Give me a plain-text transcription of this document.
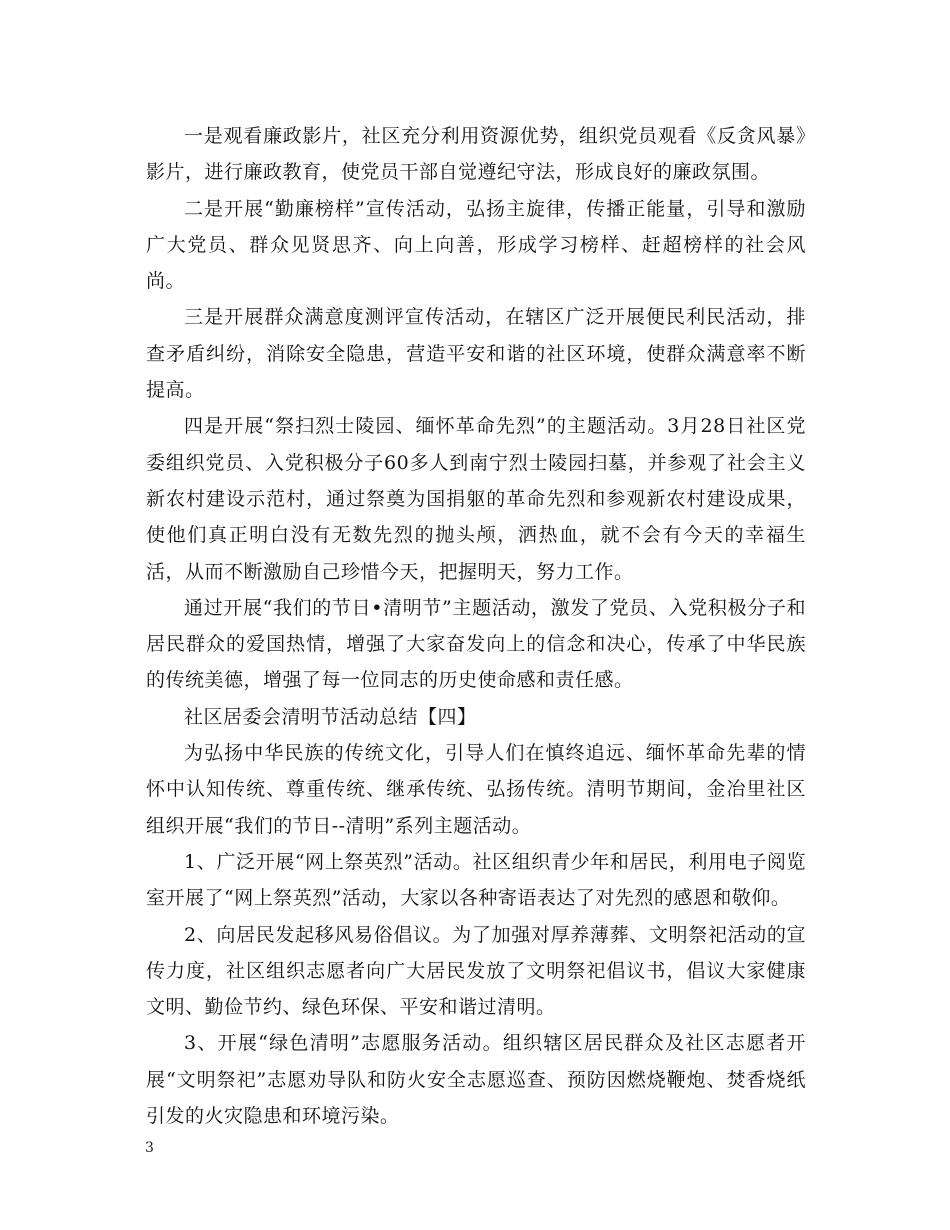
一是观看廉政影片，社区充分利用资源优势，组织党员观看《反贪风暴》影片，进行廉政教育，使党员干部自觉遵纪守法，形成良好的廉政氛围。

二是开展“勤廉榜样”宣传活动，弘扬主旋律，传播正能量，引导和激励广大党员、群众见贤思齐、向上向善，形成学习榜样、赶超榜样的社会风尚。

三是开展群众满意度测评宣传活动，在辖区广泛开展便民利民活动，排查矛盾纠纷，消除安全隐患，营造平安和谐的社区环境，使群众满意率不断提高。

四是开展“祭扫烈士陵园、缅怀革命先烈”的主题活动。3月28日社区党委组织党员、入党积极分子60多人到南宁烈士陵园扫墓，并参观了社会主义新农村建设示范村，通过祭奠为国捐躯的革命先烈和参观新农村建设成果，使他们真正明白没有无数先烈的抛头颅，洒热血，就不会有今天的幸福生活，从而不断激励自己珍惜今天，把握明天，努力工作。

通过开展“我们的节日•清明节”主题活动，激发了党员、入党积极分子和居民群众的爱国热情，增强了大家奋发向上的信念和决心，传承了中华民族的传统美德，增强了每一位同志的历史使命感和责任感。

社区居委会清明节活动总结【四】

为弘扬中华民族的传统文化，引导人们在慎终追远、缅怀革命先辈的情怀中认知传统、尊重传统、继承传统、弘扬传统。清明节期间，金冶里社区组织开展“我们的节日--清明”系列主题活动。

1、广泛开展“网上祭英烈”活动。社区组织青少年和居民，利用电子阅览室开展了“网上祭英烈”活动，大家以各种寄语表达了对先烈的感恩和敬仰。

2、向居民发起移风易俗倡议。为了加强对厚养薄葬、文明祭祀活动的宣传力度，社区组织志愿者向广大居民发放了文明祭祀倡议书，倡议大家健康文明、勤俭节约、绿色环保、平安和谐过清明。

3、开展“绿色清明”志愿服务活动。组织辖区居民群众及社区志愿者开展“文明祭祀”志愿劝导队和防火安全志愿巡查、预防因燃烧鞭炮、焚香烧纸引发的火灾隐患和环境污染。

3
